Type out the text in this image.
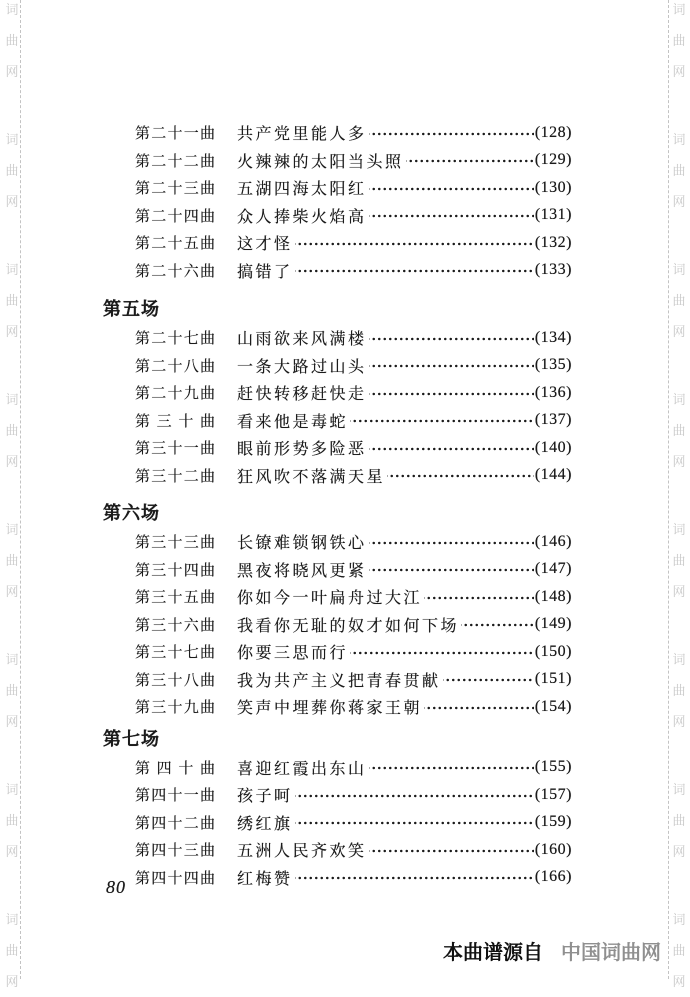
词
曲
网
词
曲
网
词
曲
网
词
曲
网
词
曲
网
词
曲
网
词
曲
网
词
曲
网
词
曲
网
词
曲
网
词
曲
网
词
曲
网
词
曲
网
词
曲
网
词
曲
网
词
曲
网
第二十一曲 共产党里能人多	(128)
第二十二曲 火辣辣的太阳当头照	(129)
第二十三曲 五湖四海太阳红	(130)
第二十四曲 众人捧柴火焰高	(131)
第二十五曲 这才怪	(132)
第二十六曲 搞错了	(133)
第五场
第二十七曲 山雨欲来风满楼	(134)
第二十八曲 一条大路过山头	(135)
第二十九曲 赶快转移赶快走	(136)
第 三 十 曲 看来他是毒蛇	(137)
第三十一曲 眼前形势多险恶	(140)
第三十二曲 狂风吹不落满天星	(144)
第六场
第三十三曲 长镣难锁钢铁心	(146)
第三十四曲 黑夜将晓风更紧	(147)
第三十五曲 你如今一叶扁舟过大江	(148)
第三十六曲 我看你无耻的奴才如何下场	(149)
第三十七曲 你要三思而行	(150)
第三十八曲 我为共产主义把青春贯献	(151)
第三十九曲 笑声中埋葬你蒋家王朝	(154)
第七场
第 四 十 曲 喜迎红霞出东山	(155)
第四十一曲 孩子呵	(157)
第四十二曲 绣红旗	(159)
第四十三曲 五洲人民齐欢笑	(160)
第四十四曲 红梅赞	(166)
80
本曲谱源自 中国词曲网
